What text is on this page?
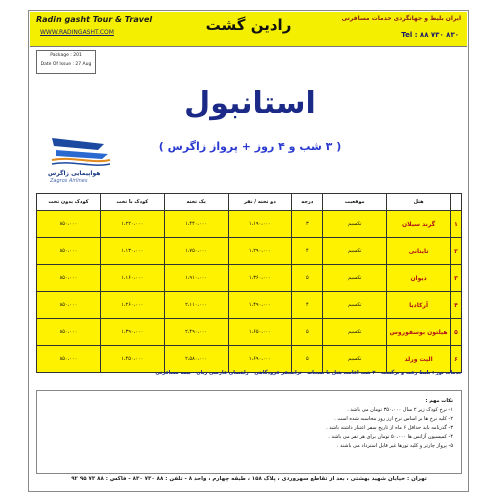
Radin gasht Tour & Travel
WWW.RADINGASHT.COM	رادین گشت	ایران بلیط و جهانگردی خدمات مسافرتی
Tel : ۸۸ ۷۳۰ ۸۳۰
Package : 201
Date Of Issue : 27 Aug
استانبول
هواپیمایی زاگرس
Zagros Airlines
( ۳ شب و ۴ روز + پرواز زاگرس )
	هتل	موقعیت	درجه	دو تخته / نفر	یک تخته	کودک با تخت	کودک بدون تخت
۱	گرند سیلان	تکسیم	۳	۱،۱۹۰،۰۰۰	۱،۴۴۰،۰۰۰	۱،۲۲۰،۰۰۰	۸۵۰،۰۰۰
۲	تایتانی	تکسیم	۴	۱،۲۹۰،۰۰۰	۱،۷۵۰،۰۰۰	۱،۱۳۰،۰۰۰	۸۵۰،۰۰۰
۳	دیوان	تکسیم	۵	۱،۳۶۰،۰۰۰	۱،۹۱۰،۰۰۰	۱،۱۶۰،۰۰۰	۸۵۰،۰۰۰
۴	آرکادیا	تکسیم	۴	۱،۴۹۰،۰۰۰	۲،۱۱۰،۰۰۰	۱،۲۶۰،۰۰۰	۸۵۰،۰۰۰
۵	هیلتون بوسفوروس	تکسیم	۵	۱،۶۵۰،۰۰۰	۲،۴۹۰،۰۰۰	۱،۳۹۰،۰۰۰	۸۵۰،۰۰۰
۶	الیت ورلد	تکسیم	۵	۱،۶۹۰،۰۰۰	۲،۵۸۰،۰۰۰	۱،۴۵۰،۰۰۰	۸۵۰،۰۰۰
خدمات تور : بلیط رفت و برگشت - ۳ شب اقامت هتل با صبحانه - ترانسفر فرودگاهی - راهنمای فارسی زبان - بیمه مسافرتی
نکات مهم :
۱- نرخ کودک زیر ۲ سال ۳۵۰،۰۰۰ تومان می باشد .
۲- کلیه نرخ ها بر اساس نرخ ارز روز محاسبه شده است .
۳- گذرنامه باید حداقل ۶ ماه از تاریخ سفر اعتبار داشته باشد .
۴- کمیسیون آژانس ها ۵۰،۰۰۰ تومان برای هر نفر می باشد .
۵- پرواز چارتر و کلیه تورها غیر قابل استرداد می باشند .
تهران : خیابان شهید بهشتی ، بعد از تقاطع سهروردی ، پلاک ۱۵۸ ، طبقه چهارم ، واحد ۸ - تلفن : ۸۸ ۷۳۰ ۸۳۰ - فاکس : ۸۸ ۷۳ ۹۵ ۹۲
